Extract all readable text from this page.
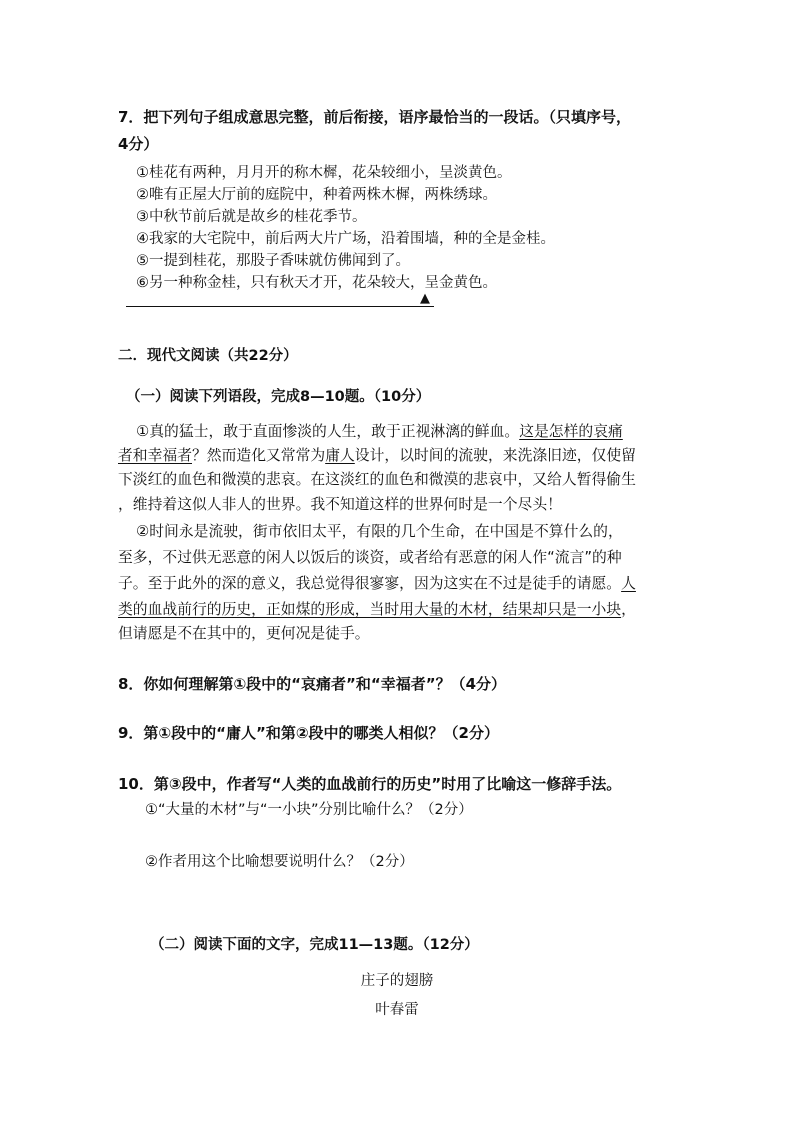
7．把下列句子组成意思完整，前后衔接，语序最恰当的一段话。（只填序号，
4分）
①桂花有两种，月月开的称木樨，花朵较细小，呈淡黄色。
②唯有正屋大厅前的庭院中，种着两株木樨，两株绣球。
③中秋节前后就是故乡的桂花季节。
④我家的大宅院中，前后两大片广场，沿着围墙，种的全是金桂。
⑤一提到桂花，那股子香味就仿佛闻到了。
⑥另一种称金桂，只有秋天才开，花朵较大，呈金黄色。
▲
二．现代文阅读（共22分）
（一）阅读下列语段，完成8—10题。（10分）
①真的猛士，敢于直面惨淡的人生，敢于正视淋漓的鲜血。这是怎样的哀痛
者和幸福者？然而造化又常常为庸人设计，以时间的流驶，来洗涤旧迹，仅使留
下淡红的血色和微漠的悲哀。在这淡红的血色和微漠的悲哀中，又给人暂得偷生
，维持着这似人非人的世界。我不知道这样的世界何时是一个尽头！
②时间永是流驶，街市依旧太平，有限的几个生命，在中国是不算什么的，
至多，不过供无恶意的闲人以饭后的谈资，或者给有恶意的闲人作“流言”的种
子。至于此外的深的意义，我总觉得很寥寥，因为这实在不过是徒手的请愿。人
类的血战前行的历史，正如煤的形成，当时用大量的木材，结果却只是一小块，
但请愿是不在其中的，更何况是徒手。
8．你如何理解第①段中的“哀痛者”和“幸福者”？（4分）
9．第①段中的“庸人”和第②段中的哪类人相似？（2分）
10．第③段中，作者写“人类的血战前行的历史”时用了比喻这一修辞手法。
①“大量的木材”与“一小块”分别比喻什么？（2分）
②作者用这个比喻想要说明什么？（2分）
（二）阅读下面的文字，完成11—13题。（12分）
庄子的翅膀
叶春雷
